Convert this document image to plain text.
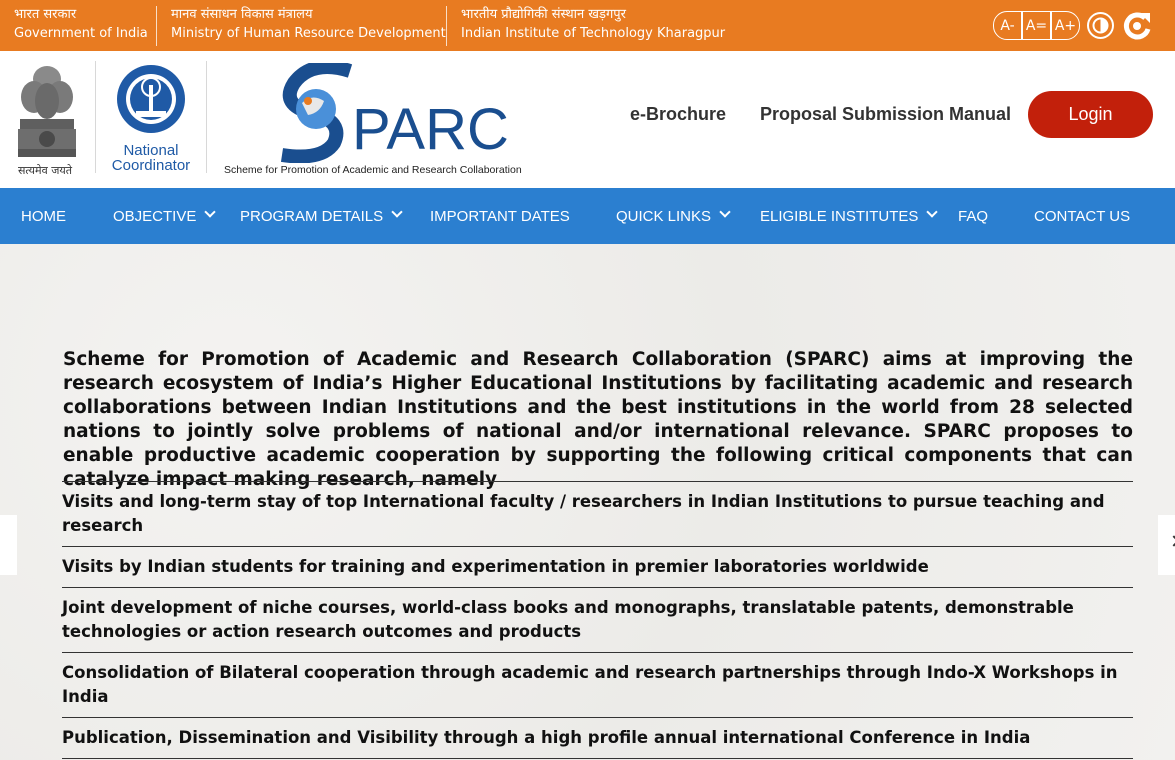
भारत सरकार
Government of India
मानव संसाधन विकास मंत्रालय
Ministry of Human Resource Development
भारतीय प्रौद्योगिकी संस्थान खड़गपुर
Indian Institute of Technology Kharagpur	A- A= A+
सत्यमेव जयते
National
Coordinator
PARC
Scheme for Promotion of Academic and Research Collaboration
e-Brochure Proposal Submission Manual	Login
HOME	OBJECTIVE	PROGRAM DETAILS	IMPORTANT DATES	QUICK LINKS	ELIGIBLE INSTITUTES	FAQ	CONTACT US

Scheme for Promotion of Academic and Research Collaboration (SPARC) aims at improving the research ecosystem of India’s Higher Educational Institutions by facilitating academic and research collaborations between Indian Institutions and the best institutions in the world from 28 selected nations to jointly solve problems of national and/or international relevance. SPARC proposes to enable productive academic cooperation by supporting the following critical components that can catalyze impact making research, namely

Visits and long-term stay of top International faculty / researchers in Indian Institutions to pursue teaching and research
Visits by Indian students for training and experimentation in premier laboratories worldwide
Joint development of niche courses, world-class books and monographs, translatable patents, demonstrable technologies or action research outcomes and products
Consolidation of Bilateral cooperation through academic and research partnerships through Indo-X Workshops in India
Publication, Dissemination and Visibility through a high profile annual international Conference in India
